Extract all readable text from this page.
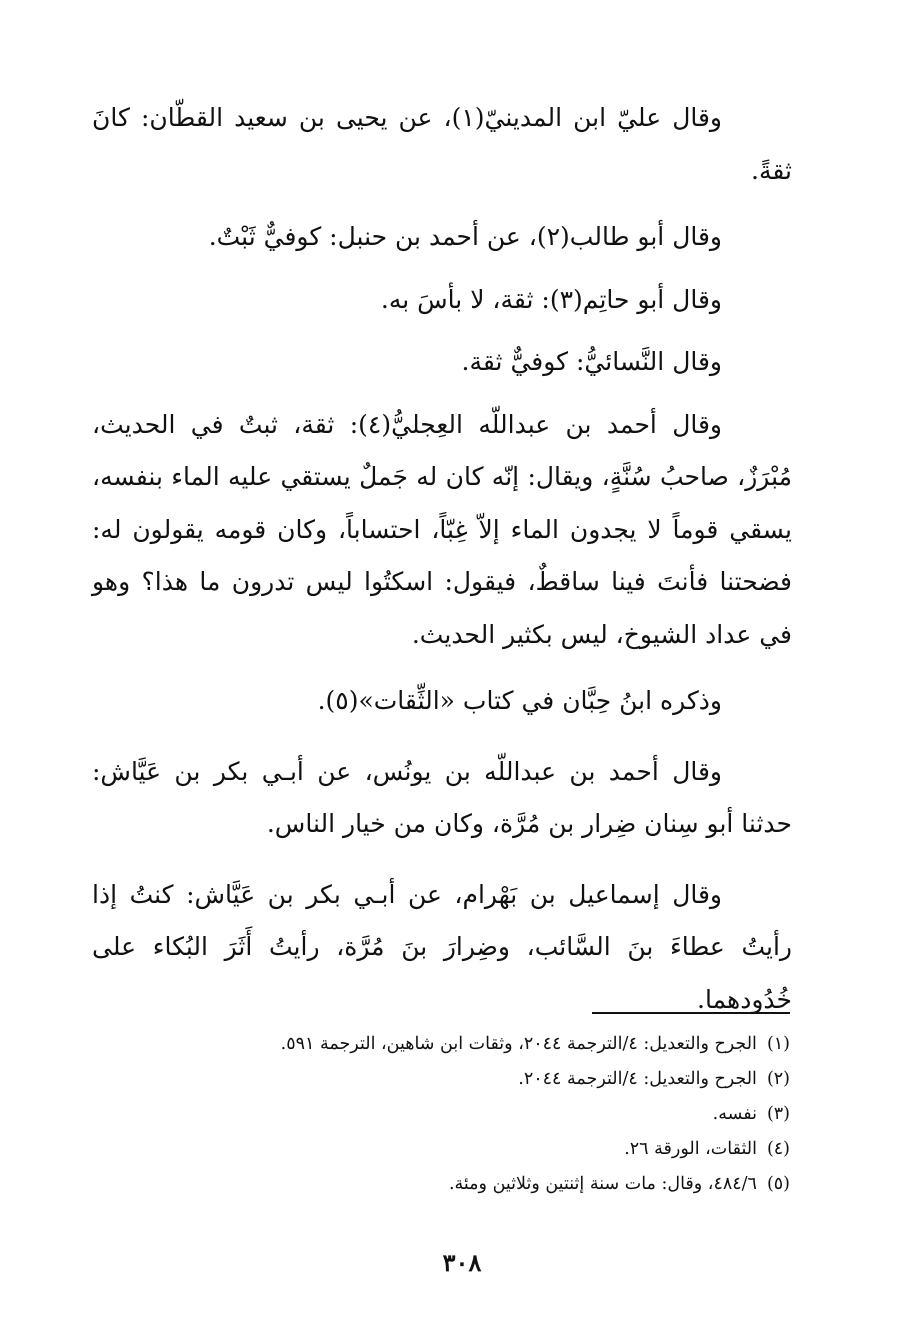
وقال عليّ ابن المدينيّ(١)، عن يحيى بن سعيد القطّان: كانَ ثقةً.

وقال أبو طالب(٢)، عن أحمد بن حنبل: كوفيٌّ ثَبْتٌ.

وقال أبو حاتِم(٣): ثقة، لا بأسَ به.

وقال النَّسائيُّ: كوفيٌّ ثقة.

وقال أحمد بن عبداللّه العِجليُّ(٤): ثقة، ثبتٌ في الحديث، مُبْرَزٌ، صاحبُ سُنَّةٍ، ويقال: إنّه كان له جَملٌ يستقي عليه الماء بنفسه، يسقي قوماً لا يجدون الماء إلاّ غِبّاً، احتساباً، وكان قومه يقولون له: فضحتنا فأنتَ فينا ساقطٌ، فيقول: اسكتُوا ليس تدرون ما هذا؟ وهو في عداد الشيوخ، ليس بكثير الحديث.

وذكره ابنُ حِبَّان في كتاب «الثِّقات»(٥).

وقال أحمد بن عبداللّه بن يونُس، عن أبـي بكر بن عَيَّاش: حدثنا أبو سِنان ضِرار بن مُرَّة، وكان من خيار الناس.

وقال إسماعيل بن بَهْرام، عن أبـي بكر بن عَيَّاش: كنتُ إذا رأيتُ عطاءَ بنَ السَّائب، وضِرارَ بنَ مُرَّة، رأيتُ أَثَرَ البُكاء على خُدُودهما.

(١)الجرح والتعديل: ٤/الترجمة ٢٠٤٤، وثقات ابن شاهين، الترجمة ٥٩١.

(٢)الجرح والتعديل: ٤/الترجمة ٢٠٤٤.

(٣)نفسه.

(٤)الثقات، الورقة ٢٦.

(٥)٤٨٤/٦، وقال: مات سنة إثنتين وثلاثين ومئة.

٣٠٨
